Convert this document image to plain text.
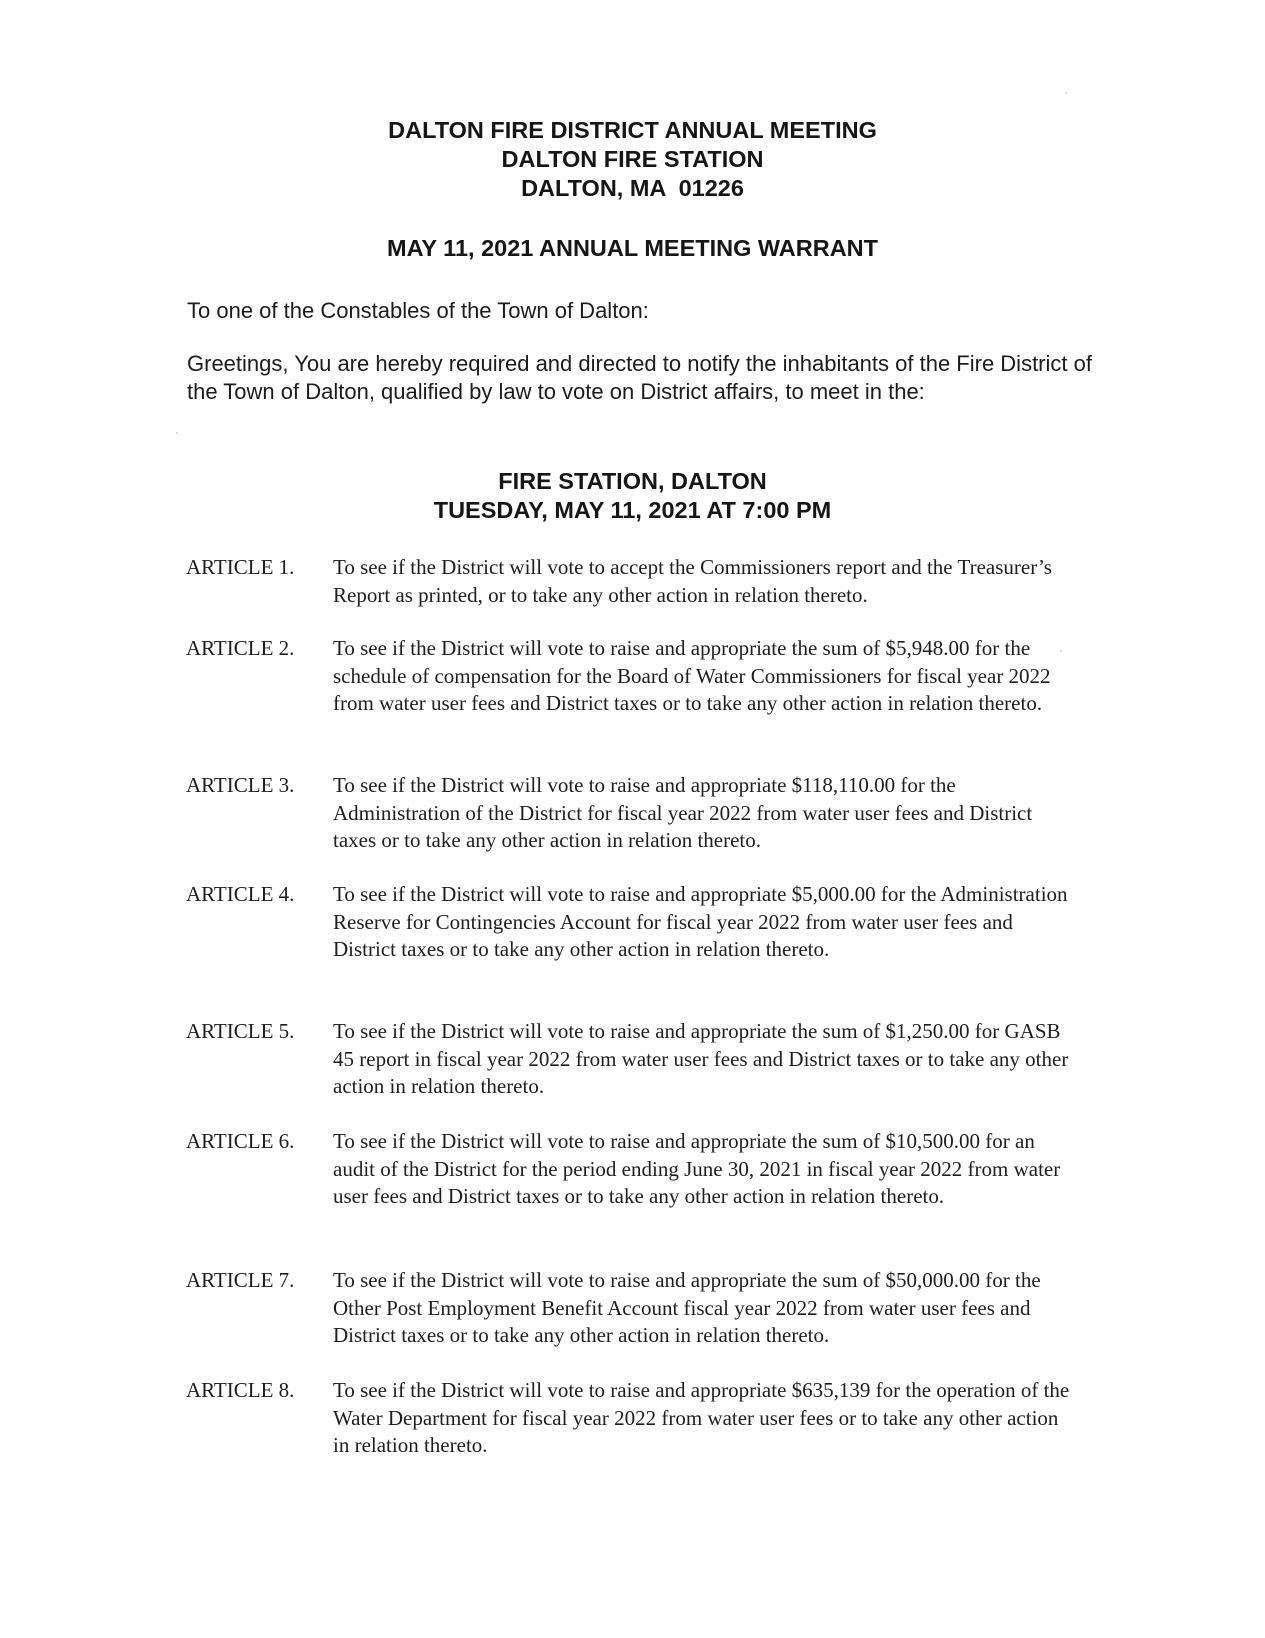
DALTON FIRE DISTRICT ANNUAL MEETING
DALTON FIRE STATION
DALTON, MA  01226
MAY 11, 2021 ANNUAL MEETING WARRANT
To one of the Constables of the Town of Dalton:
Greetings, You are hereby required and directed to notify the inhabitants of the Fire District of the Town of Dalton, qualified by law to vote on District affairs, to meet in the:
FIRE STATION, DALTON
TUESDAY, MAY 11, 2021 AT 7:00 PM
ARTICLE 1. To see if the District will vote to accept the Commissioners report and the Treasurer’s Report as printed, or to take any other action in relation thereto.
ARTICLE 2. To see if the District will vote to raise and appropriate the sum of $5,948.00 for the schedule of compensation for the Board of Water Commissioners for fiscal year 2022 from water user fees and District taxes or to take any other action in relation thereto.
ARTICLE 3. To see if the District will vote to raise and appropriate $118,110.00 for the Administration of the District for fiscal year 2022 from water user fees and District taxes or to take any other action in relation thereto.
ARTICLE 4. To see if the District will vote to raise and appropriate $5,000.00 for the Administration Reserve for Contingencies Account for fiscal year 2022 from water user fees and District taxes or to take any other action in relation thereto.
ARTICLE 5. To see if the District will vote to raise and appropriate the sum of $1,250.00 for GASB 45 report in fiscal year 2022 from water user fees and District taxes or to take any other action in relation thereto.
ARTICLE 6. To see if the District will vote to raise and appropriate the sum of $10,500.00 for an audit of the District for the period ending June 30, 2021 in fiscal year 2022 from water user fees and District taxes or to take any other action in relation thereto.
ARTICLE 7. To see if the District will vote to raise and appropriate the sum of $50,000.00 for the Other Post Employment Benefit Account fiscal year 2022 from water user fees and District taxes or to take any other action in relation thereto.
ARTICLE 8. To see if the District will vote to raise and appropriate $635,139 for the operation of the Water Department for fiscal year 2022 from water user fees or to take any other action in relation thereto.
